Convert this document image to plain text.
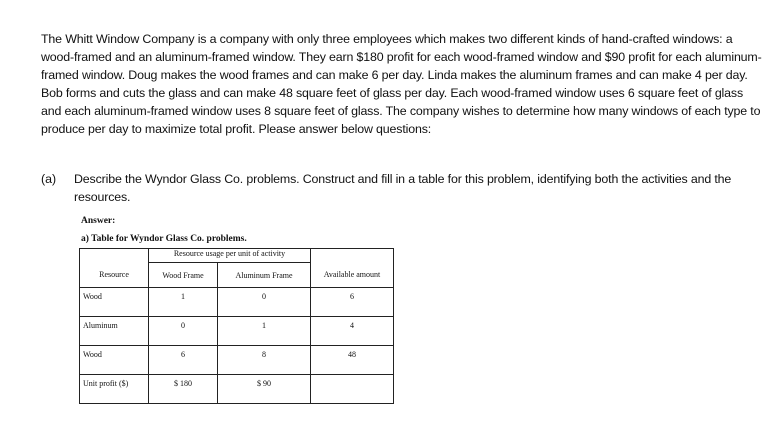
The Whitt Window Company is a company with only three employees which makes two different kinds of hand-crafted windows: a wood-framed and an aluminum-framed window. They earn $180 profit for each wood-framed window and $90 profit for each aluminum-framed window. Doug makes the wood frames and can make 6 per day. Linda makes the aluminum frames and can make 4 per day. Bob forms and cuts the glass and can make 48 square feet of glass per day. Each wood-framed window uses 6 square feet of glass and each aluminum-framed window uses 8 square feet of glass. The company wishes to determine how many windows of each type to produce per day to maximize total profit. Please answer below questions:

(a) Describe the Wyndor Glass Co. problems. Construct and fill in a table for this problem, identifying both the activities and the resources.
Answer:
a) Table for Wyndor Glass Co. problems.
	Resource usage per unit of activity		
Resource	Wood Frame	Aluminum Frame	Available amount
Wood	1	0	6
Aluminum	0	1	4
Wood	6	8	48
Unit profit ($)	$ 180	$ 90	
